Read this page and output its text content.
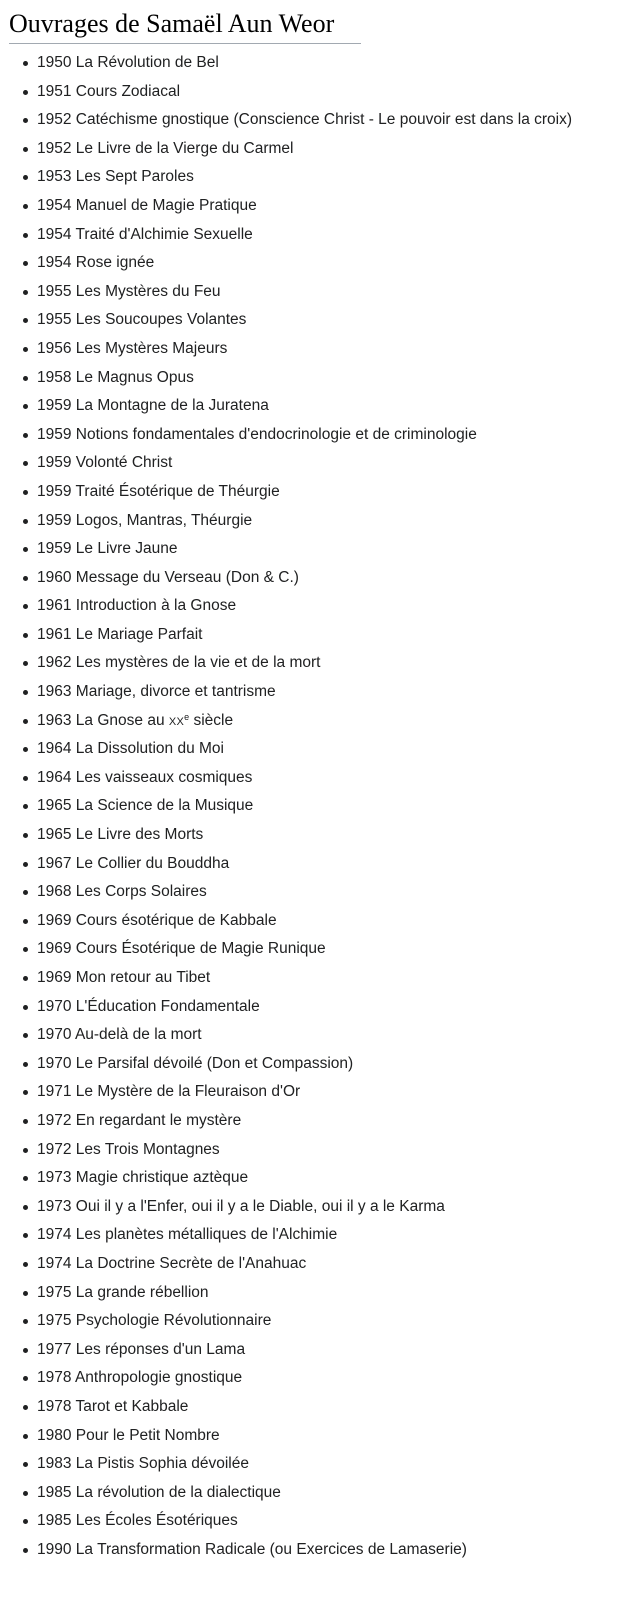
Ouvrages de Samaël Aun Weor
1950 La Révolution de Bel
1951 Cours Zodiacal
1952 Catéchisme gnostique (Conscience Christ - Le pouvoir est dans la croix)
1952 Le Livre de la Vierge du Carmel
1953 Les Sept Paroles
1954 Manuel de Magie Pratique
1954 Traité d'Alchimie Sexuelle
1954 Rose ignée
1955 Les Mystères du Feu
1955 Les Soucoupes Volantes
1956 Les Mystères Majeurs
1958 Le Magnus Opus
1959 La Montagne de la Juratena
1959 Notions fondamentales d'endocrinologie et de criminologie
1959 Volonté Christ
1959 Traité Ésotérique de Théurgie
1959 Logos, Mantras, Théurgie
1959 Le Livre Jaune
1960 Message du Verseau (Don & C.)
1961 Introduction à la Gnose
1961 Le Mariage Parfait
1962 Les mystères de la vie et de la mort
1963 Mariage, divorce et tantrisme
1963 La Gnose au XXe siècle
1964 La Dissolution du Moi
1964 Les vaisseaux cosmiques
1965 La Science de la Musique
1965 Le Livre des Morts
1967 Le Collier du Bouddha
1968 Les Corps Solaires
1969 Cours ésotérique de Kabbale
1969 Cours Ésotérique de Magie Runique
1969 Mon retour au Tibet
1970 L'Éducation Fondamentale
1970 Au-delà de la mort
1970 Le Parsifal dévoilé (Don et Compassion)
1971 Le Mystère de la Fleuraison d'Or
1972 En regardant le mystère
1972 Les Trois Montagnes
1973 Magie christique aztèque
1973 Oui il y a l'Enfer, oui il y a le Diable, oui il y a le Karma
1974 Les planètes métalliques de l'Alchimie
1974 La Doctrine Secrète de l'Anahuac
1975 La grande rébellion
1975 Psychologie Révolutionnaire
1977 Les réponses d'un Lama
1978 Anthropologie gnostique
1978 Tarot et Kabbale
1980 Pour le Petit Nombre
1983 La Pistis Sophia dévoilée
1985 La révolution de la dialectique
1985 Les Écoles Ésotériques
1990 La Transformation Radicale (ou Exercices de Lamaserie)
